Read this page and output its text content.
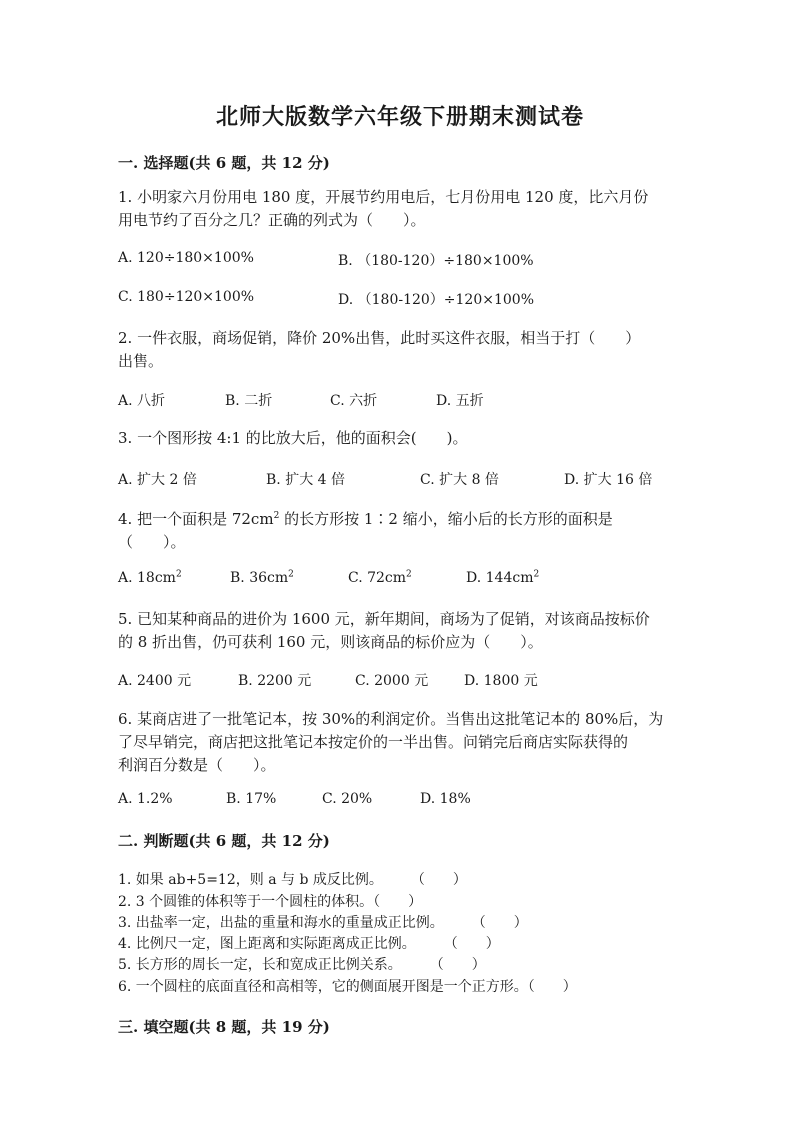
北师大版数学六年级下册期末测试卷
一. 选择题(共 6 题，共 12 分)
1. 小明家六月份用电 180 度，开展节约用电后，七月份用电 120 度，比六月份
用电节约了百分之几？正确的列式为（　　）。
A. 120÷180×100%	B. （180-120）÷180×100%
C. 180÷120×100%	D. （180-120）÷120×100%
2. 一件衣服，商场促销，降价 20%出售，此时买这件衣服，相当于打（　　）
出售。
A. 八折	B. 二折	C. 六折	D. 五折
3. 一个图形按 4:1 的比放大后，他的面积会(　　)。
A. 扩大 2 倍	B. 扩大 4 倍	C. 扩大 8 倍	D. 扩大 16 倍
4. 把一个面积是 $72cm^2$ 的长方形按 1∶2 缩小，缩小后的长方形的面积是
（　　）。
A. $18cm^2$	B. $36cm^2$	C. $72cm^2$	D. $144cm^2$
5. 已知某种商品的进价为 1600 元，新年期间，商场为了促销，对该商品按标价
的 8 折出售，仍可获利 160 元，则该商品的标价应为（　　）。
A. 2400 元	B. 2200 元	C. 2000 元	D. 1800 元
6. 某商店进了一批笔记本，按 30%的利润定价。当售出这批笔记本的 80%后，为
了尽早销完，商店把这批笔记本按定价的一半出售。问销完后商店实际获得的
利润百分数是（　　）。
A. 1.2%	B. 17%	C. 20%	D. 18%
二. 判断题(共 6 题，共 12 分)
1. 如果 ab+5=12，则 a 与 b 成反比例。　　　（　　）
2. 3 个圆锥的体积等于一个圆柱的体积。（　　）
3. 出盐率一定，出盐的重量和海水的重量成正比例。　　　（　　）
4. 比例尺一定，图上距离和实际距离成正比例。　　　（　　）
5. 长方形的周长一定，长和宽成正比例关系。　　　（　　）
6. 一个圆柱的底面直径和高相等，它的侧面展开图是一个正方形。（　　）
三. 填空题(共 8 题，共 19 分)
